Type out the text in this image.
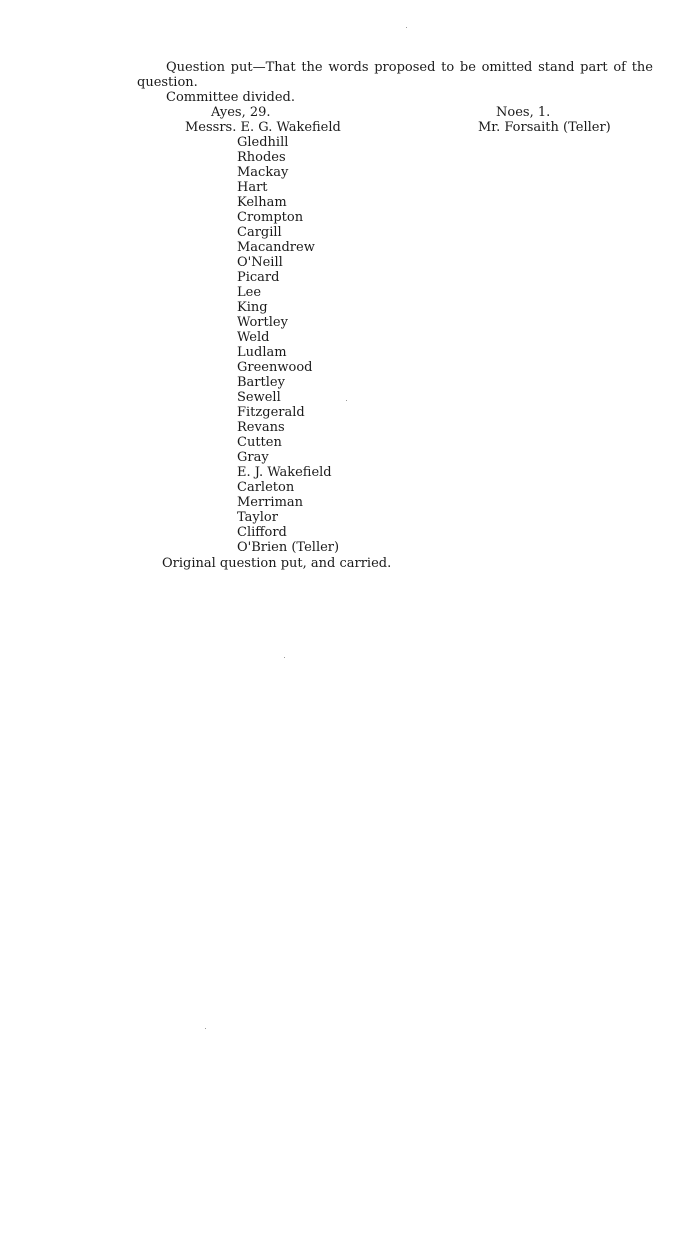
Question put—That the words proposed to be omitted stand part of the question.

Committee divided.

Ayes, 29.	Noes, 1.

Messrs. E. G. Wakefield	Mr. Forsaith (Teller)

Gledhill
Rhodes
Mackay
Hart
Kelham
Crompton
Cargill
Macandrew
O'Neill
Picard
Lee
King
Wortley
Weld
Ludlam
Greenwood
Bartley
Sewell
Fitzgerald
Revans
Cutten
Gray
E. J. Wakefield
Carleton
Merriman
Taylor
Clifford
O'Brien (Teller)

Original question put, and carried.
